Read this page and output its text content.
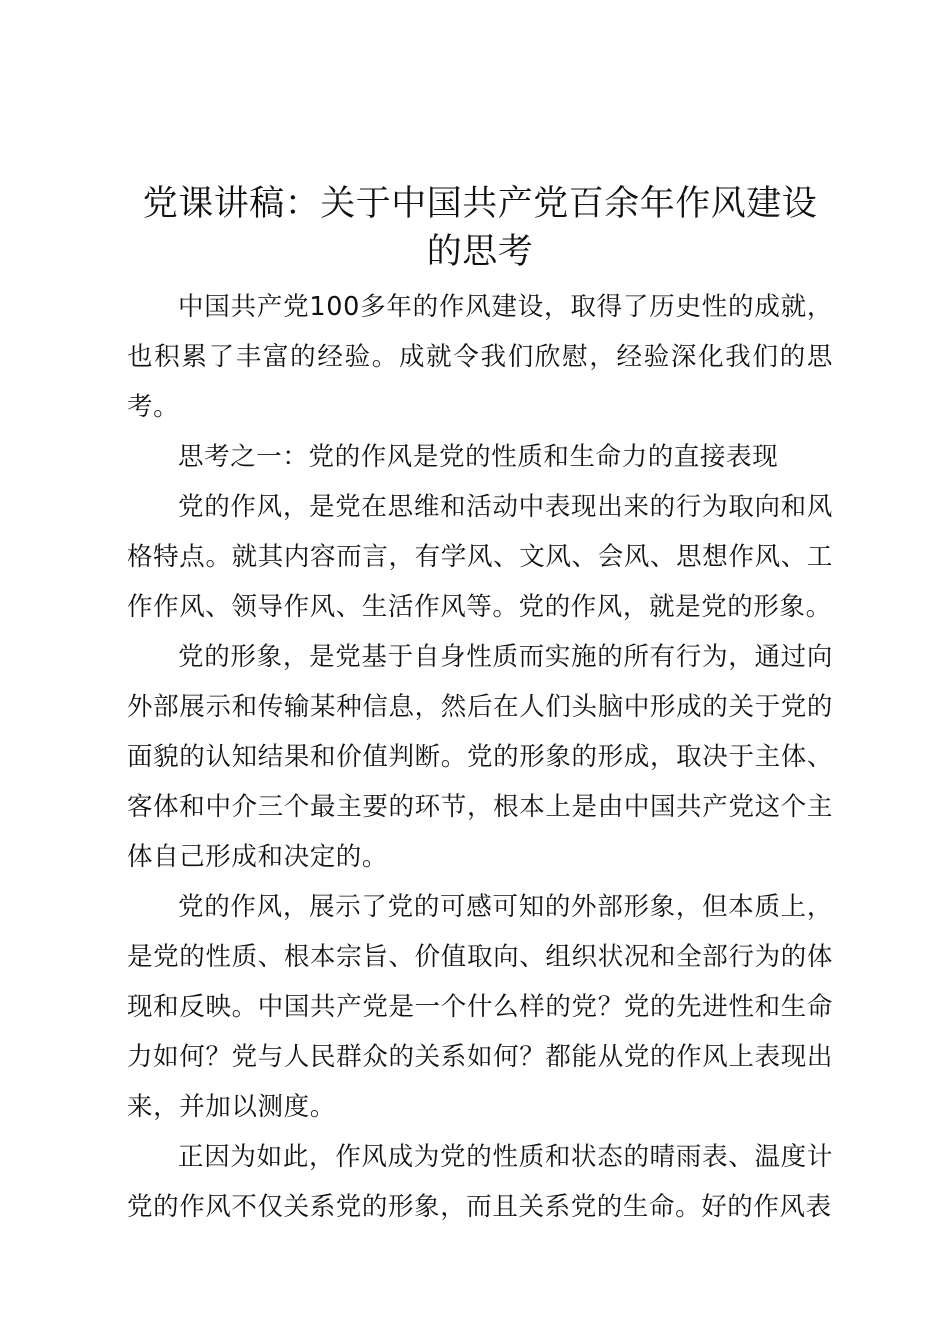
党课讲稿：关于中国共产党百余年作风建设的思考

中国共产党100多年的作风建设，取得了历史性的成就，也积累了丰富的经验。成就令我们欣慰，经验深化我们的思考。

思考之一：党的作风是党的性质和生命力的直接表现

党的作风，是党在思维和活动中表现出来的行为取向和风格特点。就其内容而言，有学风、文风、会风、思想作风、工作作风、领导作风、生活作风等。党的作风，就是党的形象。

党的形象，是党基于自身性质而实施的所有行为，通过向外部展示和传输某种信息，然后在人们头脑中形成的关于党的面貌的认知结果和价值判断。党的形象的形成，取决于主体、客体和中介三个最主要的环节，根本上是由中国共产党这个主体自己形成和决定的。

党的作风，展示了党的可感可知的外部形象，但本质上，是党的性质、根本宗旨、价值取向、组织状况和全部行为的体现和反映。中国共产党是一个什么样的党？党的先进性和生命力如何？党与人民群众的关系如何？都能从党的作风上表现出来，并加以测度。

正因为如此，作风成为党的性质和状态的晴雨表、温度计党的作风不仅关系党的形象，而且关系党的生命。好的作风表
